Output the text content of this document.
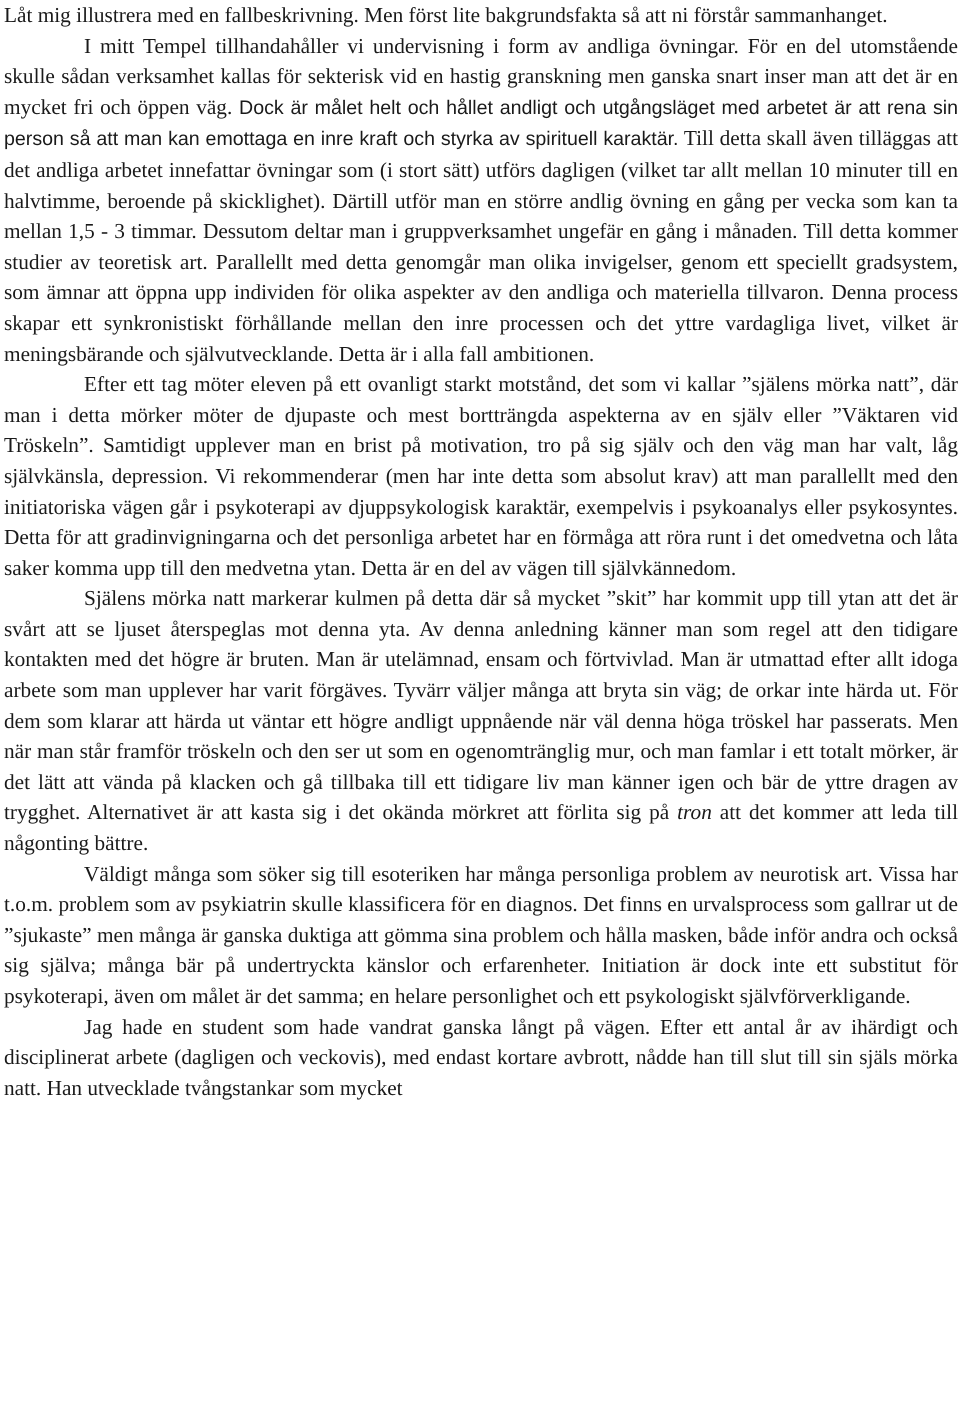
Låt mig illustrera med en fallbeskrivning. Men först lite bakgrundsfakta så att ni förstår sammanhanget.

I mitt Tempel tillhandahåller vi undervisning i form av andliga övningar. För en del utomstående skulle sådan verksamhet kallas för sekterisk vid en hastig granskning men ganska snart inser man att det är en mycket fri och öppen väg. Dock är målet helt och hållet andligt och utgångsläget med arbetet är att rena sin person så att man kan emottaga en inre kraft och styrka av spirituell karaktär. Till detta skall även tilläggas att det andliga arbetet innefattar övningar som (i stort sätt) utförs dagligen (vilket tar allt mellan 10 minuter till en halvtimme, beroende på skicklighet). Därtill utför man en större andlig övning en gång per vecka som kan ta mellan 1,5 - 3 timmar. Dessutom deltar man i gruppverksamhet ungefär en gång i månaden. Till detta kommer studier av teoretisk art. Parallellt med detta genomgår man olika invigelser, genom ett speciellt gradsystem, som ämnar att öppna upp individen för olika aspekter av den andliga och materiella tillvaron. Denna process skapar ett synkronistiskt förhållande mellan den inre processen och det yttre vardagliga livet, vilket är meningsbärande och självutvecklande. Detta är i alla fall ambitionen.

Efter ett tag möter eleven på ett ovanligt starkt motstånd, det som vi kallar ”själens mörka natt”, där man i detta mörker möter de djupaste och mest bortträngda aspekterna av en själv eller ”Väktaren vid Tröskeln”. Samtidigt upplever man en brist på motivation, tro på sig själv och den väg man har valt, låg självkänsla, depression. Vi rekommenderar (men har inte detta som absolut krav) att man parallellt med den initiatoriska vägen går i psykoterapi av djuppsykologisk karaktär, exempelvis i psykoanalys eller psykosyntes. Detta för att gradinvigningarna och det personliga arbetet har en förmåga att röra runt i det omedvetna och låta saker komma upp till den medvetna ytan. Detta är en del av vägen till självkännedom.

Själens mörka natt markerar kulmen på detta där så mycket ”skit” har kommit upp till ytan att det är svårt att se ljuset återspeglas mot denna yta. Av denna anledning känner man som regel att den tidigare kontakten med det högre är bruten. Man är utelämnad, ensam och förtvivlad. Man är utmattad efter allt idoga arbete som man upplever har varit förgäves. Tyvärr väljer många att bryta sin väg; de orkar inte härda ut. För dem som klarar att härda ut väntar ett högre andligt uppnående när väl denna höga tröskel har passerats. Men när man står framför tröskeln och den ser ut som en ogenomtränglig mur, och man famlar i ett totalt mörker, är det lätt att vända på klacken och gå tillbaka till ett tidigare liv man känner igen och bär de yttre dragen av trygghet. Alternativet är att kasta sig i det okända mörkret att förlita sig på tron att det kommer att leda till någonting bättre.

Väldigt många som söker sig till esoteriken har många personliga problem av neurotisk art. Vissa har t.o.m. problem som av psykiatrin skulle klassificera för en diagnos. Det finns en urvalsprocess som gallrar ut de ”sjukaste” men många är ganska duktiga att gömma sina problem och hålla masken, både inför andra och också sig själva; många bär på undertryckta känslor och erfarenheter. Initiation är dock inte ett substitut för psykoterapi, även om målet är det samma; en helare personlighet och ett psykologiskt självförverkligande.

Jag hade en student som hade vandrat ganska långt på vägen. Efter ett antal år av ihärdigt och disciplinerat arbete (dagligen och veckovis), med endast kortare avbrott, nådde han till slut till sin själs mörka natt. Han utvecklade tvångstankar som mycket
